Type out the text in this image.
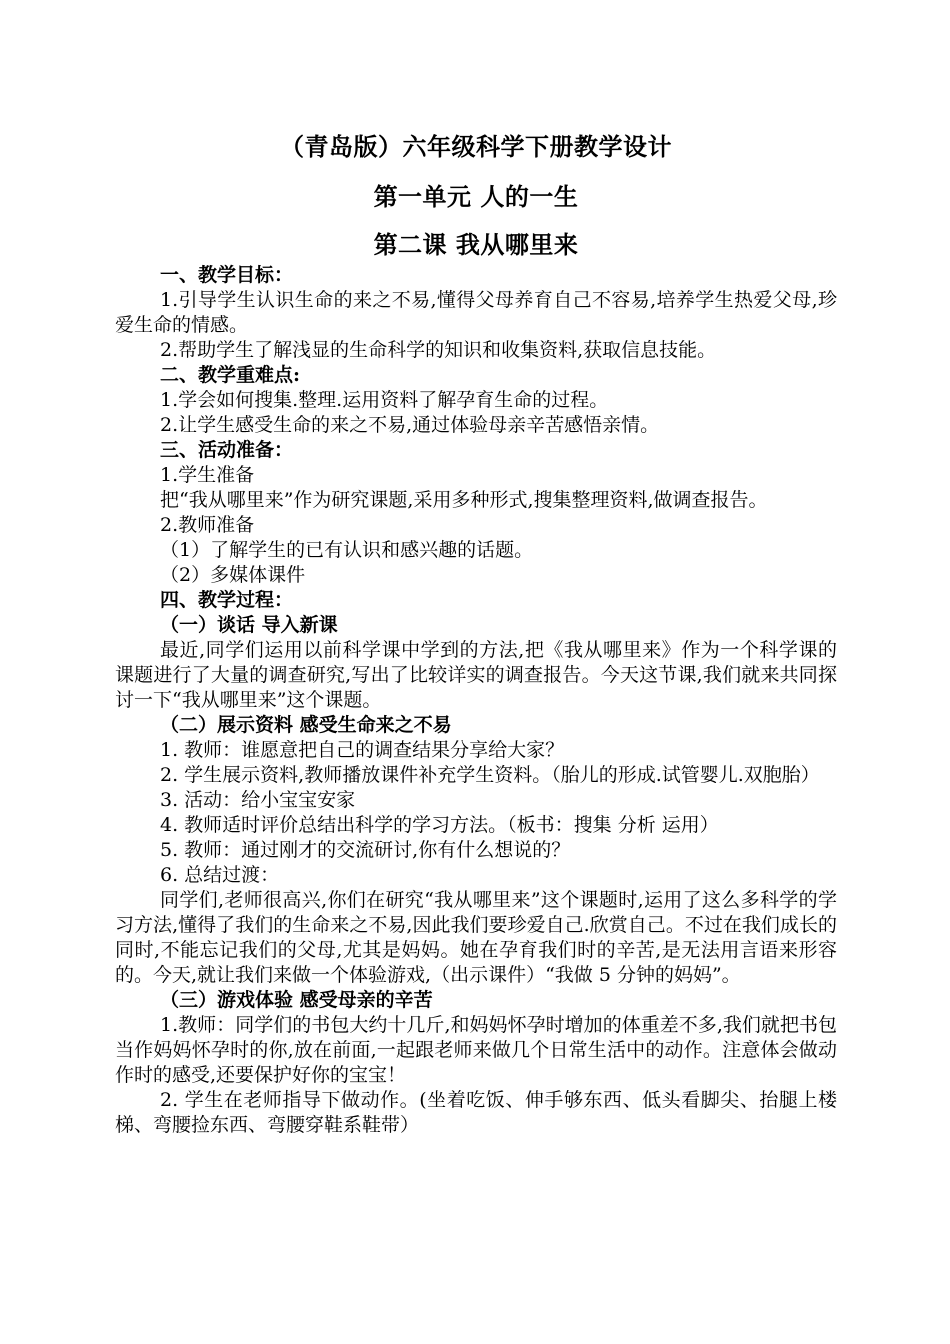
（青岛版）六年级科学下册教学设计
第一单元 人的一生
第二课 我从哪里来

一、教学目标：

1.引导学生认识生命的来之不易,懂得父母养育自己不容易,培养学生热爱父母,珍爱生命的情感。

2.帮助学生了解浅显的生命科学的知识和收集资料,获取信息技能。

二、教学重难点:

1.学会如何搜集.整理.运用资料了解孕育生命的过程。

2.让学生感受生命的来之不易,通过体验母亲辛苦感悟亲情。

三、活动准备：

1.学生准备

把“我从哪里来”作为研究课题,采用多种形式,搜集整理资料,做调查报告。

2.教师准备

（1）了解学生的已有认识和感兴趣的话题。

（2）多媒体课件

四、教学过程：

（一）谈话 导入新课

最近,同学们运用以前科学课中学到的方法,把《我从哪里来》作为一个科学课的课题进行了大量的调查研究,写出了比较详实的调查报告。今天这节课,我们就来共同探讨一下“我从哪里来”这个课题。

（二）展示资料 感受生命来之不易

1. 教师：谁愿意把自己的调查结果分享给大家？

2. 学生展示资料,教师播放课件补充学生资料。（胎儿的形成.试管婴儿.双胞胎）

3. 活动：给小宝宝安家

4. 教师适时评价总结出科学的学习方法。（板书：搜集 分析 运用）

5. 教师：通过刚才的交流研讨,你有什么想说的？

6. 总结过渡：

同学们,老师很高兴,你们在研究“我从哪里来”这个课题时,运用了这么多科学的学习方法,懂得了我们的生命来之不易,因此我们要珍爱自己.欣赏自己。不过在我们成长的同时,不能忘记我们的父母,尤其是妈妈。她在孕育我们时的辛苦,是无法用言语来形容的。今天,就让我们来做一个体验游戏,（出示课件）“我做 5 分钟的妈妈”。

（三）游戏体验 感受母亲的辛苦

1.教师：同学们的书包大约十几斤,和妈妈怀孕时增加的体重差不多,我们就把书包当作妈妈怀孕时的你,放在前面,一起跟老师来做几个日常生活中的动作。注意体会做动作时的感受,还要保护好你的宝宝！

2. 学生在老师指导下做动作。(坐着吃饭、伸手够东西、低头看脚尖、抬腿上楼梯、弯腰捡东西、弯腰穿鞋系鞋带）
